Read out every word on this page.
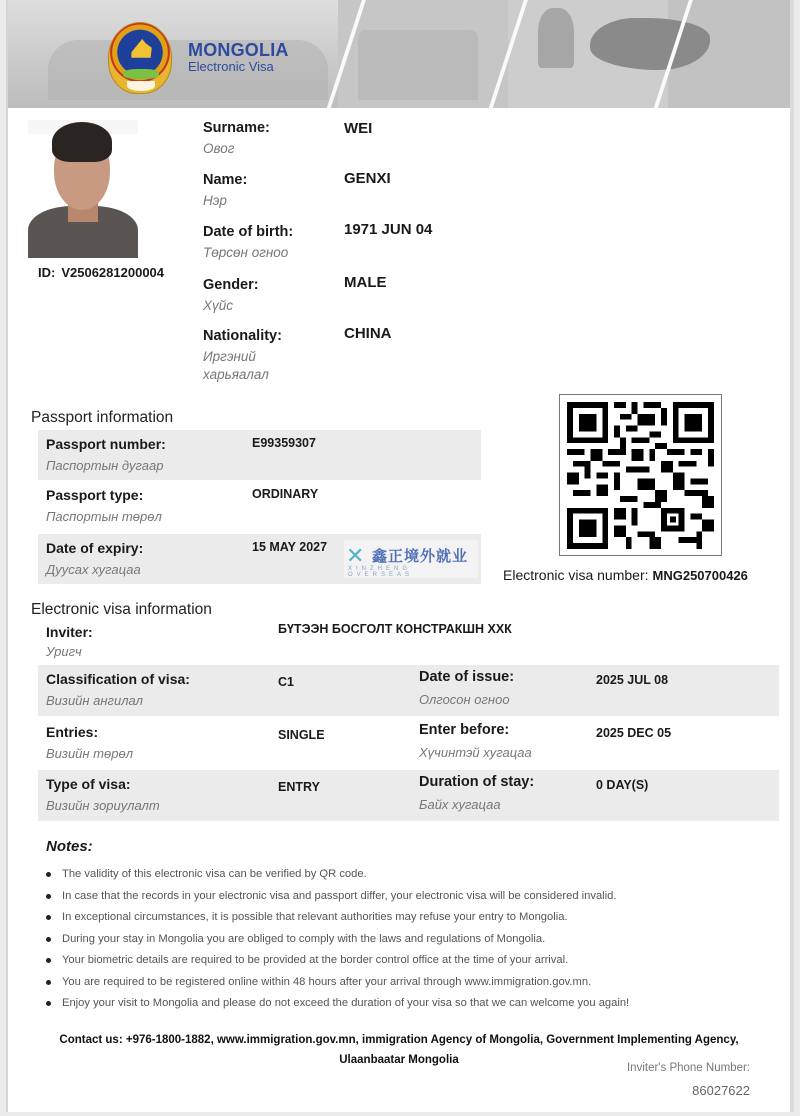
MONGOLIA
Electronic Visa
ID: V2506281200004
Surname:
Овог
WEI
Name:
Нэр
GENXI
Date of birth:
Төрсөн огноо
1971 JUN 04
Gender:
Хүйс
MALE
Nationality:
Иргэний харьяалал
CHINA
Passport information
Passport number:
Паспортын дугаар
E99359307
Passport type:
Паспортын төрөл
ORDINARY
Date of expiry:
Дуусах хугацаа
15 MAY 2027 ✕ 鑫正境外就业
XINZHENG OVERSEAS	Electronic visa number: MNG250700426
Electronic visa information
Inviter:
Уригч
БҮТЭЭН БОСГОЛТ КОНСТРАКШН ХХК
Classification of visa:
Визийн ангилал
C1	Date of issue:
Олгосон огноо
2025 JUL 08
Entries:
Визийн төрөл
SINGLE	Enter before:
Хүчинтэй хугацаа
2025 DEC 05
Type of visa:
Визийн зориулалт
ENTRY	Duration of stay:
Байх хугацаа
0 DAY(S)
Notes:
The validity of this electronic visa can be verified by QR code.
In case that the records in your electronic visa and passport differ, your electronic visa will be considered invalid.
In exceptional circumstances, it is possible that relevant authorities may refuse your entry to Mongolia.
During your stay in Mongolia you are obliged to comply with the laws and regulations of Mongolia.
Your biometric details are required to be provided at the border control office at the time of your arrival.
You are required to be registered online within 48 hours after your arrival through www.immigration.gov.mn.
Enjoy your visit to Mongolia and please do not exceed the duration of your visa so that we can welcome you again!
Contact us: +976-1800-1882, www.immigration.gov.mn, immigration Agency of Mongolia, Government Implementing Agency,
Ulaanbaatar Mongolia
Inviter's Phone Number:
86027622
